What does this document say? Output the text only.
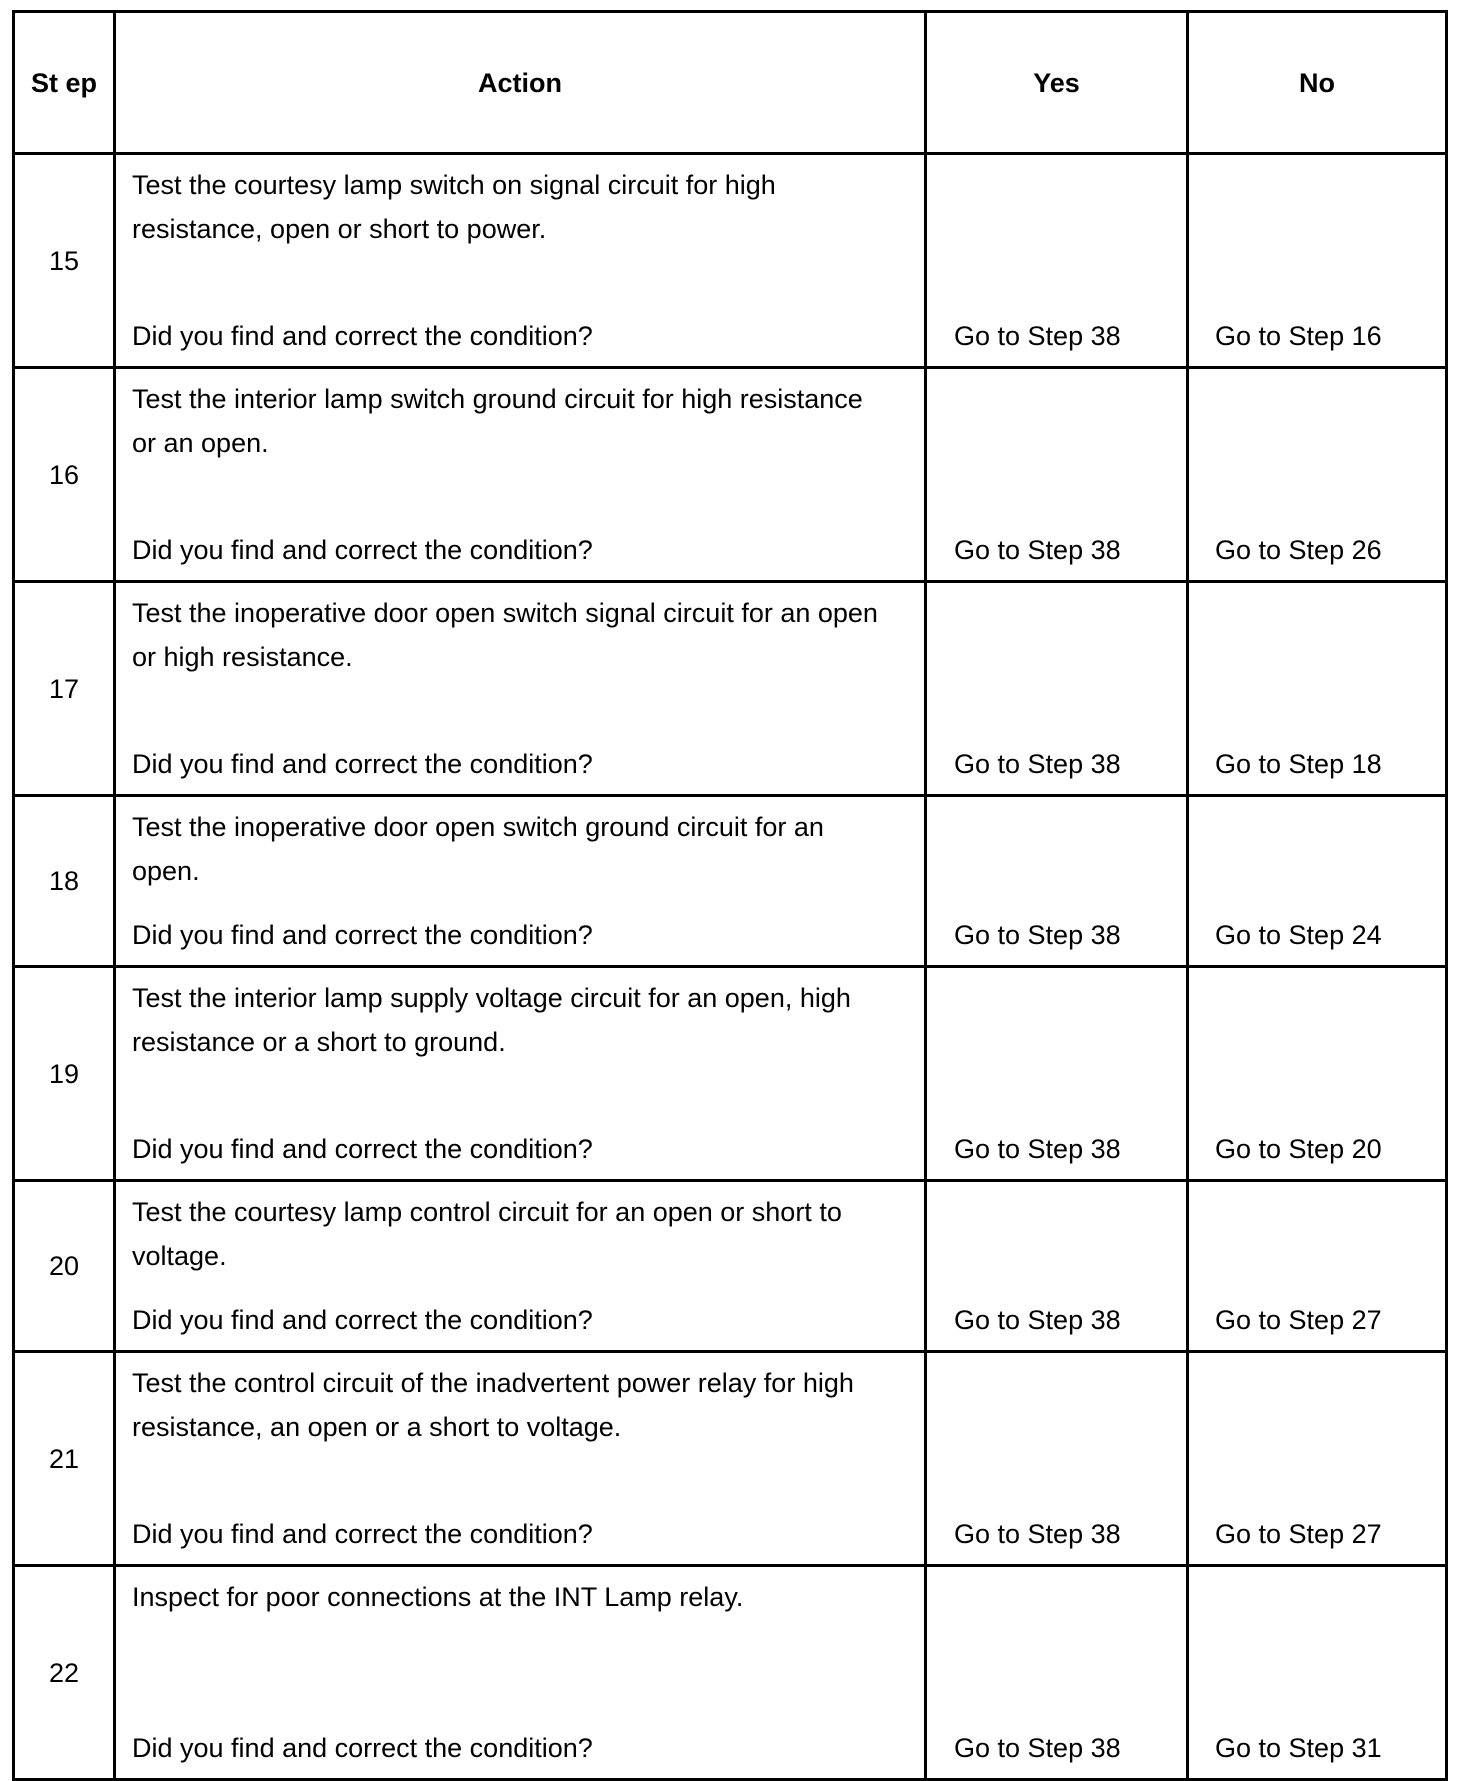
St ep	Action	Yes	No
15	Test the courtesy lamp switch on signal circuit for high resistance, open or short to power.
Did you find and correct the condition?	Go to Step 38	Go to Step 16
16	Test the interior lamp switch ground circuit for high resistance or an open.
Did you find and correct the condition?	Go to Step 38	Go to Step 26
17	Test the inoperative door open switch signal circuit for an open or high resistance.
Did you find and correct the condition?	Go to Step 38	Go to Step 18
18	Test the inoperative door open switch ground circuit for an open.
Did you find and correct the condition?	Go to Step 38	Go to Step 24
19	Test the interior lamp supply voltage circuit for an open, high resistance or a short to ground.
Did you find and correct the condition?	Go to Step 38	Go to Step 20
20	Test the courtesy lamp control circuit for an open or short to voltage.
Did you find and correct the condition?	Go to Step 38	Go to Step 27
21	Test the control circuit of the inadvertent power relay for high resistance, an open or a short to voltage.
Did you find and correct the condition?	Go to Step 38	Go to Step 27
22	Inspect for poor connections at the INT Lamp relay.
Did you find and correct the condition?	Go to Step 38	Go to Step 31
